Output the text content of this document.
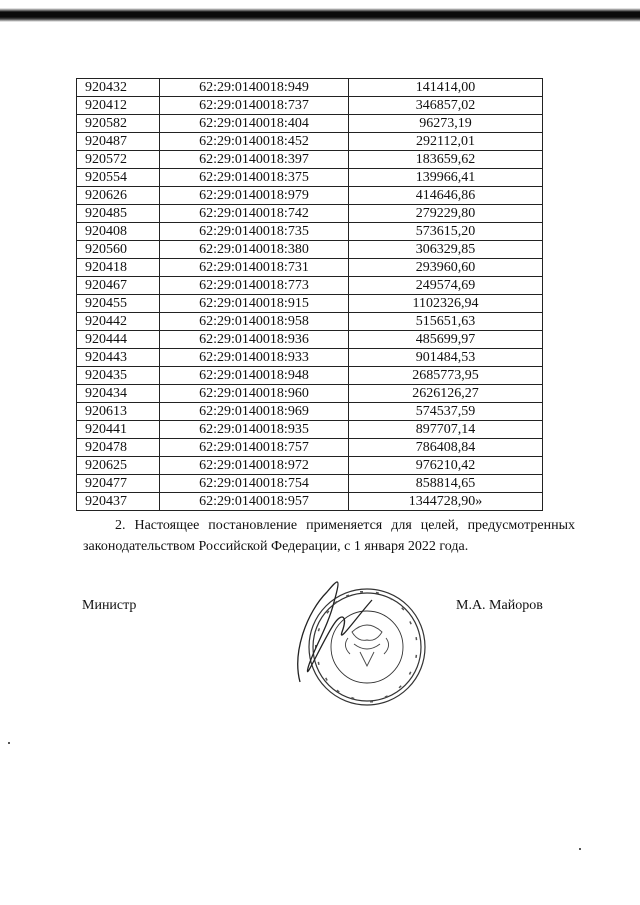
920432	62:29:0140018:949	141414,00
920412	62:29:0140018:737	346857,02
920582	62:29:0140018:404	96273,19
920487	62:29:0140018:452	292112,01
920572	62:29:0140018:397	183659,62
920554	62:29:0140018:375	139966,41
920626	62:29:0140018:979	414646,86
920485	62:29:0140018:742	279229,80
920408	62:29:0140018:735	573615,20
920560	62:29:0140018:380	306329,85
920418	62:29:0140018:731	293960,60
920467	62:29:0140018:773	249574,69
920455	62:29:0140018:915	1102326,94
920442	62:29:0140018:958	515651,63
920444	62:29:0140018:936	485699,97
920443	62:29:0140018:933	901484,53
920435	62:29:0140018:948	2685773,95
920434	62:29:0140018:960	2626126,27
920613	62:29:0140018:969	574537,59
920441	62:29:0140018:935	897707,14
920478	62:29:0140018:757	786408,84
920625	62:29:0140018:972	976210,42
920477	62:29:0140018:754	858814,65
920437	62:29:0140018:957	1344728,90»
2. Настоящее постановление применяется для целей, предусмотренных законодательством Российской Федерации, с 1 января 2022 года.
Министр	М.А. Майоров
